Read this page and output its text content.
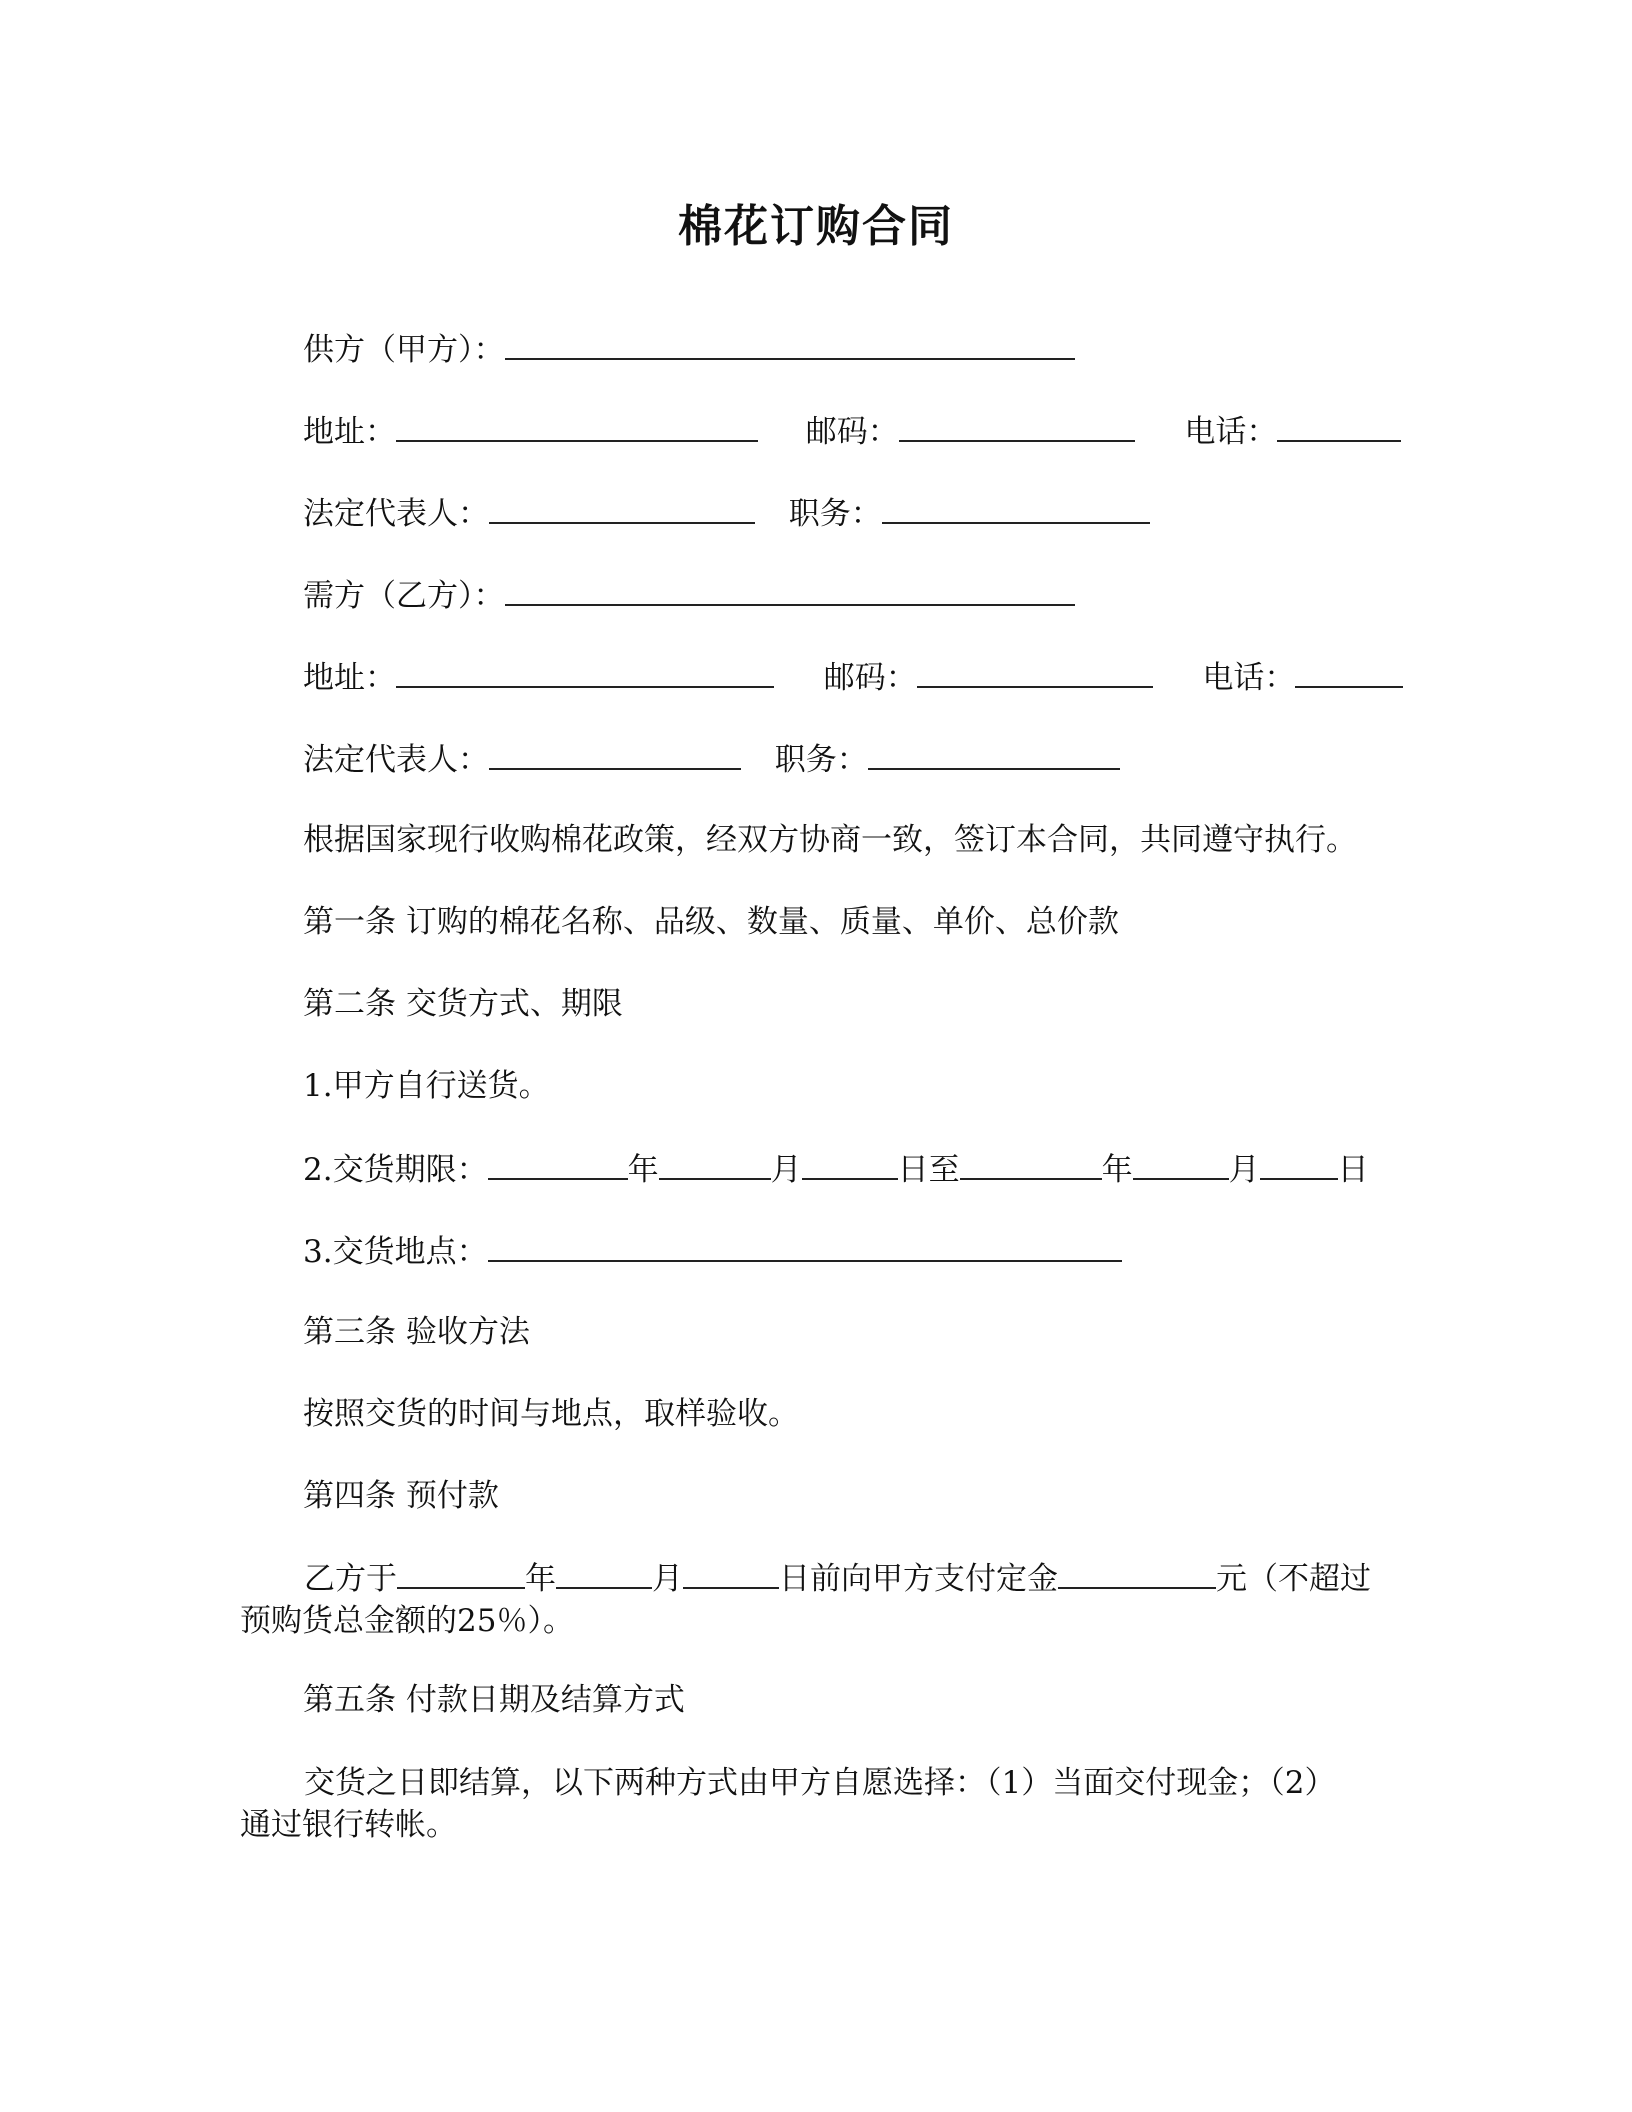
棉花订购合同
供方（甲方）：
地址：	邮码：	电话：
法定代表人：	职务：
需方（乙方）：
地址：	邮码：	电话：
法定代表人：	职务：
根据国家现行收购棉花政策，经双方协商一致，签订本合同，共同遵守执行。
第一条 订购的棉花名称、品级、数量、质量、单价、总价款
第二条 交货方式、期限
1.甲方自行送货。
2.交货期限：	年	月	日至	年	月	日
3.交货地点：
第三条 验收方法
按照交货的时间与地点，取样验收。
第四条 预付款
乙方于	年	月	日前向甲方支付定金	元（不超过
预购货总金额的25％）。
第五条 付款日期及结算方式
交货之日即结算，以下两种方式由甲方自愿选择：（1）当面交付现金；（2）
通过银行转帐。
